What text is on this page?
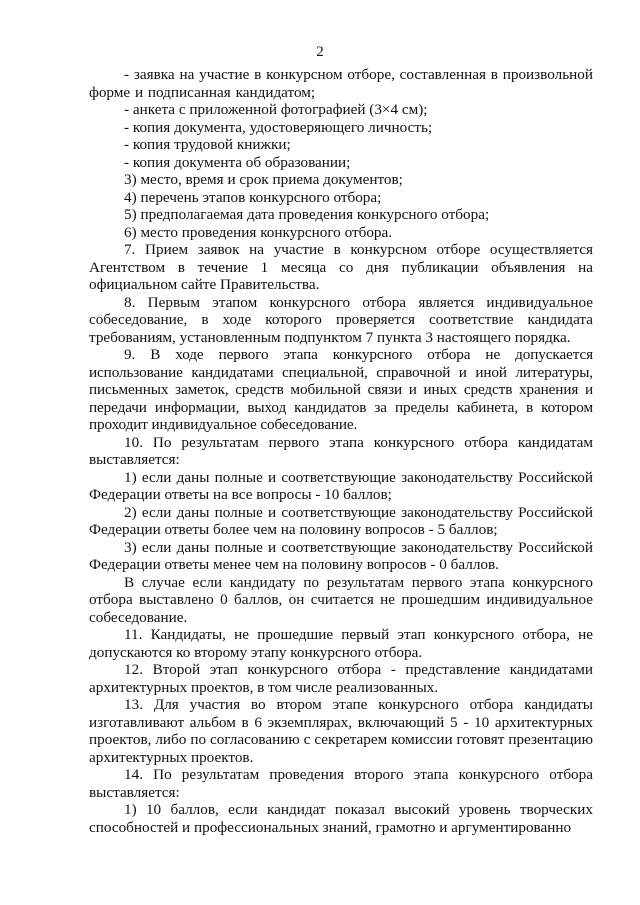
2

- заявка на участие в конкурсном отборе, составленная в произвольной форме и подписанная кандидатом;

- анкета с приложенной фотографией (3×4 см);

- копия документа, удостоверяющего личность;

- копия трудовой книжки;

- копия документа об образовании;

3) место, время и срок приема документов;

4) перечень этапов конкурсного отбора;

5) предполагаемая дата проведения конкурсного отбора;

6) место проведения конкурсного отбора.

7. Прием заявок на участие в конкурсном отборе осуществляется Агентством в течение 1 месяца со дня публикации объявления на официальном сайте Правительства.

8. Первым этапом конкурсного отбора является индивидуальное собеседование, в ходе которого проверяется соответствие кандидата требованиям, установленным подпунктом 7 пункта 3 настоящего порядка.

9. В ходе первого этапа конкурсного отбора не допускается использование кандидатами специальной, справочной и иной литературы, письменных заметок, средств мобильной связи и иных средств хранения и передачи информации, выход кандидатов за пределы кабинета, в котором проходит индивидуальное собеседование.

10. По результатам первого этапа конкурсного отбора кандидатам выставляется:

1) если даны полные и соответствующие законодательству Российской Федерации ответы на все вопросы - 10 баллов;

2) если даны полные и соответствующие законодательству Российской Федерации ответы более чем на половину вопросов - 5 баллов;

3) если даны полные и соответствующие законодательству Российской Федерации ответы менее чем на половину вопросов - 0 баллов.

В случае если кандидату по результатам первого этапа конкурсного отбора выставлено 0 баллов, он считается не прошедшим индивидуальное собеседование.

11. Кандидаты, не прошедшие первый этап конкурсного отбора, не допускаются ко второму этапу конкурсного отбора.

12. Второй этап конкурсного отбора - представление кандидатами архитектурных проектов, в том числе реализованных.

13. Для участия во втором этапе конкурсного отбора кандидаты изготавливают альбом в 6 экземплярах, включающий 5 - 10 архитектурных проектов, либо по согласованию с секретарем комиссии готовят презентацию архитектурных проектов.

14. По результатам проведения второго этапа конкурсного отбора выставляется:

1) 10 баллов, если кандидат показал высокий уровень творческих способностей и профессиональных знаний, грамотно и аргументированно
